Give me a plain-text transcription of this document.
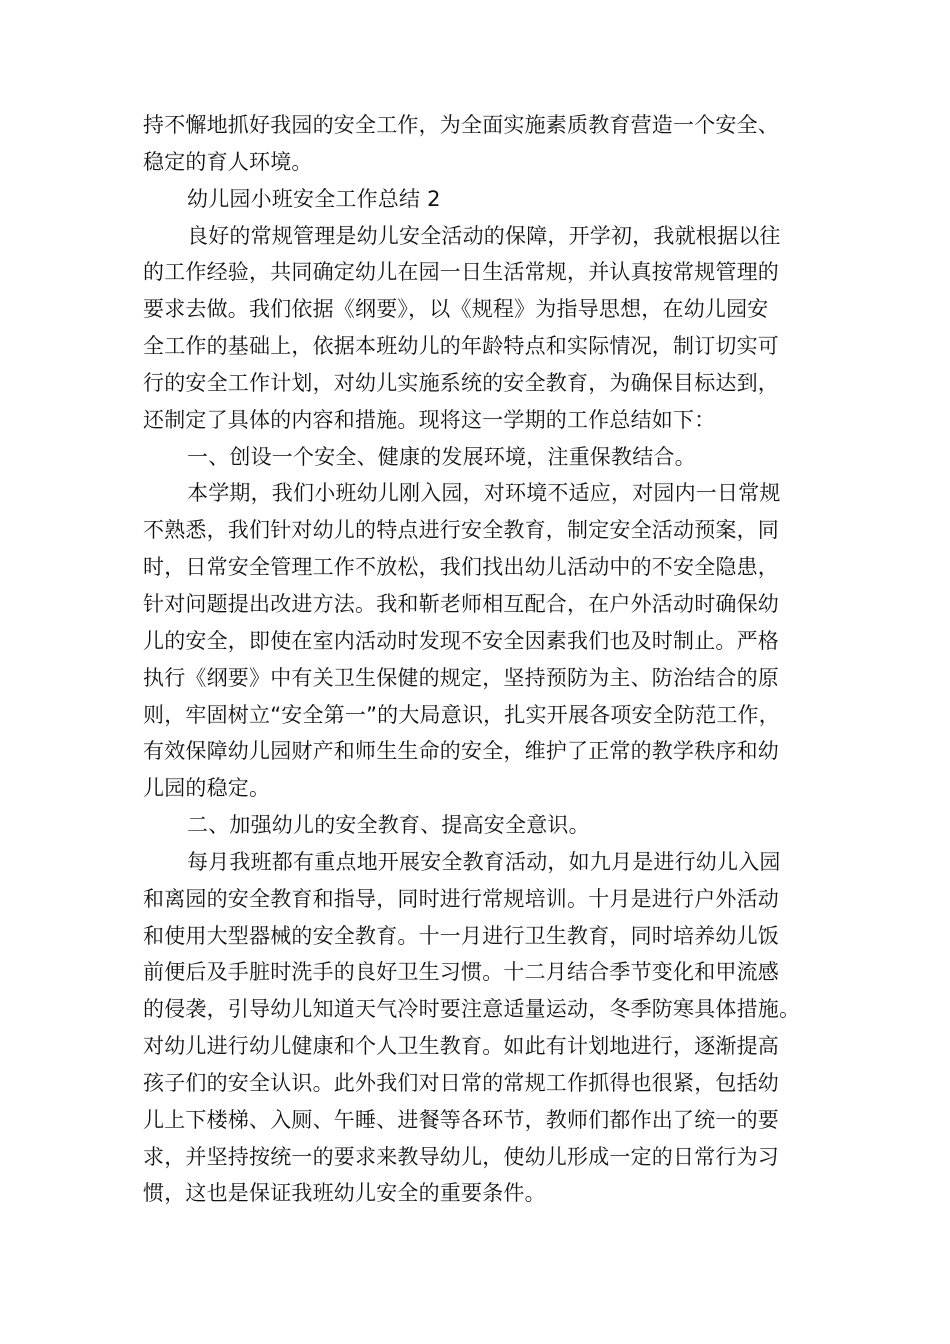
持不懈地抓好我园的安全工作，为全面实施素质教育营造一个安全、
稳定的育人环境。
幼儿园小班安全工作总结 2
良好的常规管理是幼儿安全活动的保障，开学初，我就根据以往
的工作经验，共同确定幼儿在园一日生活常规，并认真按常规管理的
要求去做。我们依据《纲要》，以《规程》为指导思想，在幼儿园安
全工作的基础上，依据本班幼儿的年龄特点和实际情况，制订切实可
行的安全工作计划，对幼儿实施系统的安全教育，为确保目标达到，
还制定了具体的内容和措施。现将这一学期的工作总结如下：
一、创设一个安全、健康的发展环境，注重保教结合。
本学期，我们小班幼儿刚入园，对环境不适应，对园内一日常规
不熟悉，我们针对幼儿的特点进行安全教育，制定安全活动预案，同
时，日常安全管理工作不放松，我们找出幼儿活动中的不安全隐患，
针对问题提出改进方法。我和靳老师相互配合，在户外活动时确保幼
儿的安全，即使在室内活动时发现不安全因素我们也及时制止。严格
执行《纲要》中有关卫生保健的规定，坚持预防为主、防治结合的原
则，牢固树立“安全第一”的大局意识，扎实开展各项安全防范工作，
有效保障幼儿园财产和师生生命的安全，维护了正常的教学秩序和幼
儿园的稳定。
二、加强幼儿的安全教育、提高安全意识。
每月我班都有重点地开展安全教育活动，如九月是进行幼儿入园
和离园的安全教育和指导，同时进行常规培训。十月是进行户外活动
和使用大型器械的安全教育。十一月进行卫生教育，同时培养幼儿饭
前便后及手脏时洗手的良好卫生习惯。十二月结合季节变化和甲流感
的侵袭，引导幼儿知道天气冷时要注意适量运动，冬季防寒具体措施。
对幼儿进行幼儿健康和个人卫生教育。如此有计划地进行，逐渐提高
孩子们的安全认识。此外我们对日常的常规工作抓得也很紧，包括幼
儿上下楼梯、入厕、午睡、进餐等各环节，教师们都作出了统一的要
求，并坚持按统一的要求来教导幼儿，使幼儿形成一定的日常行为习
惯，这也是保证我班幼儿安全的重要条件。
